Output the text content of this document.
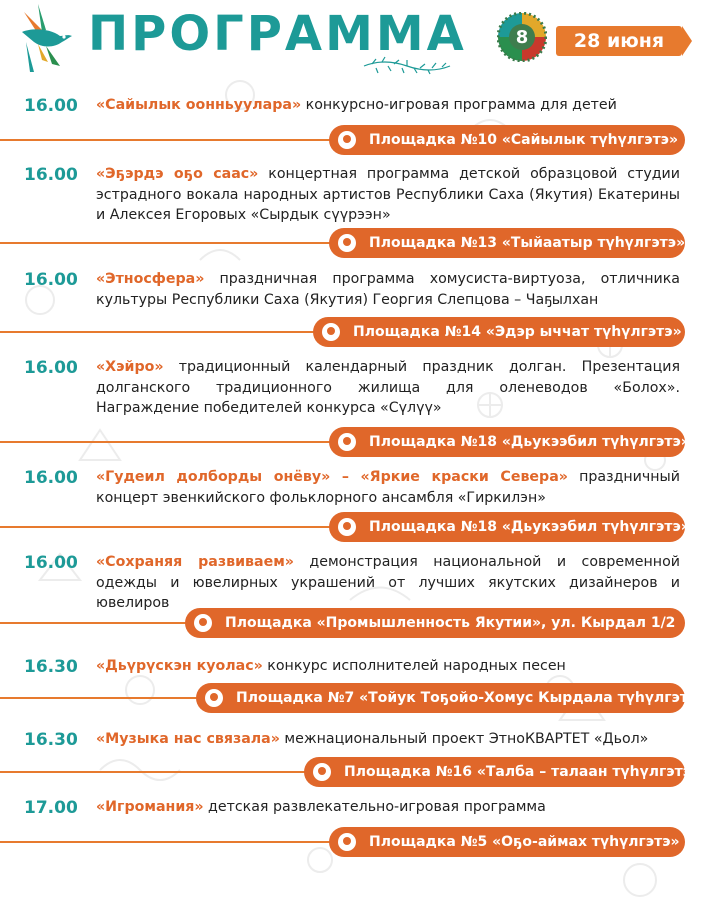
ПРОГРАММА	8	28 июня
16.00 «Сайылык оонньуулара» конкурсно-игровая программа для детей
Площадка №10 «Сайылык түһүлгэтэ»
16.00 «Эҕэрдэ оҕо саас» концертная программа детской образцовой студии эстрадного вокала народных артистов Республики Саха (Якутия) Екатерины и Алексея Егоровых «Сырдык сүүрээн»
Площадка №13 «Тыйаатыр түһүлгэтэ»
16.00 «Этносфера» праздничная программа хомусиста-виртуоза, отличника культуры Республики Саха (Якутия) Георгия Слепцова – Чаҕылхан
Площадка №14 «Эдэр ыччат түһүлгэтэ»
16.00 «Хэйро» традиционный календарный праздник долган. Презентация долганского традиционного жилища для оленеводов «Болох». Награждение победителей конкурса «Сүлүү»
Площадка №18 «Дьукээбил түһүлгэтэ»
16.00 «Гудеил долборды онёву» – «Яркие краски Севера» праздничный концерт эвенкийского фольклорного ансамбля «Гиркилэн»
Площадка №18 «Дьукээбил түһүлгэтэ»
16.00 «Сохраняя развиваем» демонстрация национальной и современной одежды и ювелирных украшений от лучших якутских дизайнеров и ювелиров
Площадка «Промышленность Якутии», ул. Кырдал 1/2
16.30 «Дьүрүскэн куолас» конкурс исполнителей народных песен
Площадка №7 «Тойук Тоҕойо-Хомус Кырдала түһүлгэтэ»
16.30 «Музыка нас связала» межнациональный проект ЭтноКВАРТЕТ «Дьол»
Площадка №16 «Талба – талаан түһүлгэтэ»
17.00 «Игромания» детская развлекательно-игровая программа
Площадка №5 «Оҕо-аймах түһүлгэтэ»
